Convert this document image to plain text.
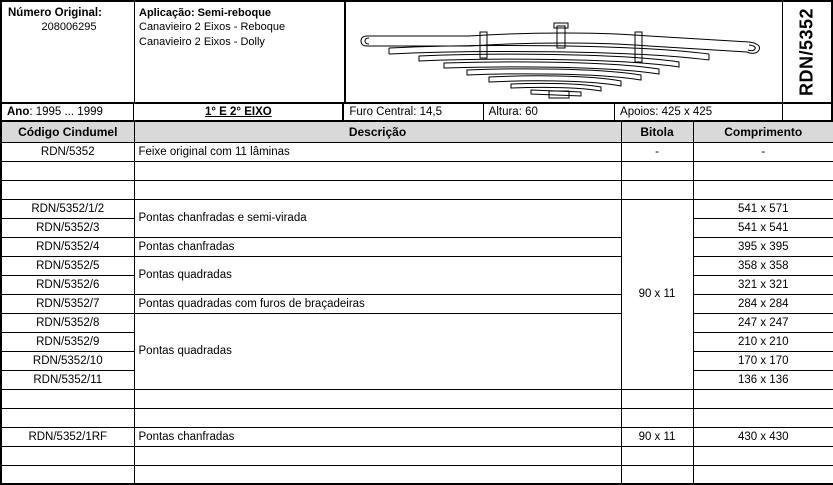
Número Original:
208006295
Aplicação: Semi-reboque
Canavieiro 2 Eixos - Reboque
Canavieiro 2 Eixos - Dolly	RDN/5352
Ano: 1995 ... 1999	1° E 2° EIXO	Furo Central: 14,5	Altura: 60	Apoios: 425 x 425
Código Cindumel	Descrição	Bitola	Comprimento
RDN/5352	Feixe original com 11 lâminas	-	-

RDN/5352/1/2	Pontas chanfradas e semi-virada	90 x 11	541 x 571
RDN/5352/3			541 x 541
RDN/5352/4	Pontas chanfradas		395 x 395
RDN/5352/5	Pontas quadradas		358 x 358
RDN/5352/6			321 x 321
RDN/5352/7	Pontas quadradas com furos de braçadeiras		284 x 284
RDN/5352/8	Pontas quadradas		247 x 247
RDN/5352/9			210 x 210
RDN/5352/10			170 x 170
RDN/5352/11			136 x 136

RDN/5352/1RF	Pontas chanfradas	90 x 11	430 x 430
